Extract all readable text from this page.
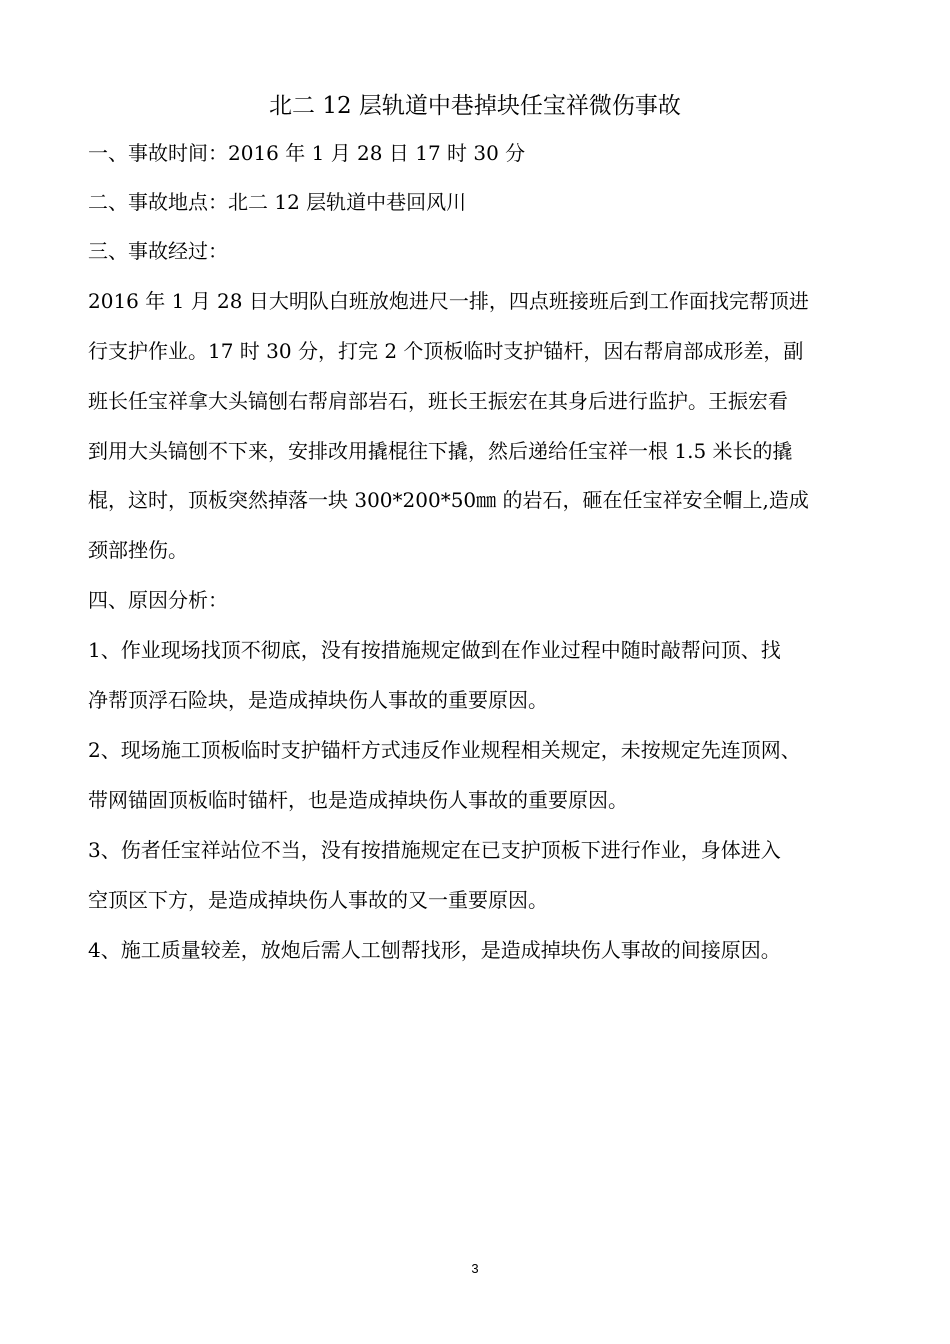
北二 12 层轨道中巷掉块任宝祥微伤事故
一、事故时间：2016 年 1 月 28 日 17 时 30 分
二、事故地点：北二 12 层轨道中巷回风川
三、事故经过：
2016 年 1 月 28 日大明队白班放炮进尺一排，四点班接班后到工作面找完帮顶进
行支护作业。17 时 30 分，打完 2 个顶板临时支护锚杆，因右帮肩部成形差，副
班长任宝祥拿大头镐刨右帮肩部岩石，班长王振宏在其身后进行监护。王振宏看
到用大头镐刨不下来，安排改用撬棍往下撬，然后递给任宝祥一根 1.5 米长的撬
棍，这时，顶板突然掉落一块 300*200*50㎜ 的岩石，砸在任宝祥安全帽上,造成
颈部挫伤。
四、原因分析：
1、作业现场找顶不彻底，没有按措施规定做到在作业过程中随时敲帮问顶、找
净帮顶浮石险块，是造成掉块伤人事故的重要原因。
2、现场施工顶板临时支护锚杆方式违反作业规程相关规定，未按规定先连顶网、
带网锚固顶板临时锚杆，也是造成掉块伤人事故的重要原因。
3、伤者任宝祥站位不当，没有按措施规定在已支护顶板下进行作业，身体进入
空顶区下方，是造成掉块伤人事故的又一重要原因。
4、施工质量较差，放炮后需人工刨帮找形，是造成掉块伤人事故的间接原因。
3
